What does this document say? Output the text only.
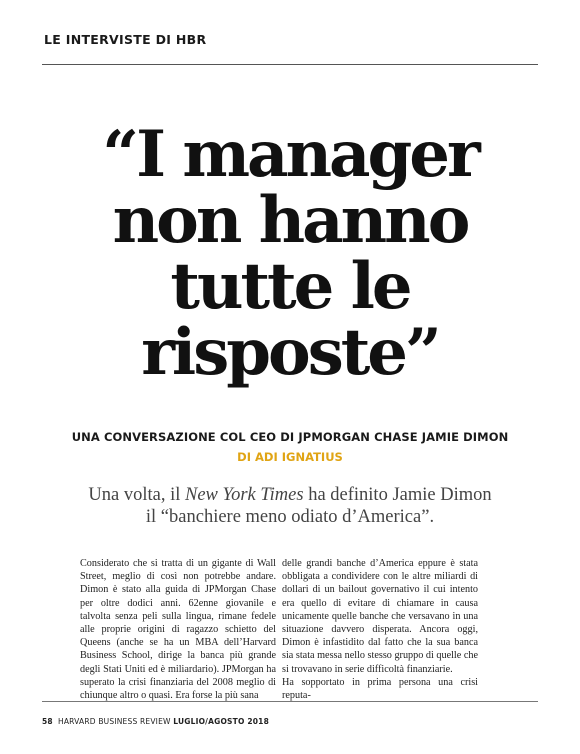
LE INTERVISTE DI HBR
“I manager
non hanno
tutte le
risposte”
UNA CONVERSAZIONE COL CEO DI JPMORGAN CHASE JAMIE DIMON
DI ADI IGNATIUS
Una volta, il New York Times ha definito Jamie Dimon
il “banchiere meno odiato d’America”.
Considerato che si tratta di un gigante di Wall Street, meglio di così non potrebbe andare. Dimon è stato alla guida di JPMorgan Chase per oltre dodici anni. 62enne giovanile e talvolta senza peli sulla lingua, rimane fedele alle proprie origini di ragazzo schietto del Queens (anche se ha un MBA dell’Harvard Business School, dirige la banca più grande degli Stati Uniti ed è miliardario). JPMorgan ha superato la crisi finanziaria del 2008 meglio di chiunque altro o quasi. Era forse la più sana
delle grandi banche d’America eppure è stata obbligata a condividere con le altre miliardi di dollari di un bailout governativo il cui intento era quello di evitare di chiamare in causa unicamente quelle banche che versavano in una situazione davvero disperata. Ancora oggi, Dimon è infastidito dal fatto che la sua banca sia stata messa nello stesso gruppo di quelle che si trovavano in serie difficoltà finanziarie.
Ha sopportato in prima persona una crisi reputa-
58 HARVARD BUSINESS REVIEW LUGLIO/AGOSTO 2018
